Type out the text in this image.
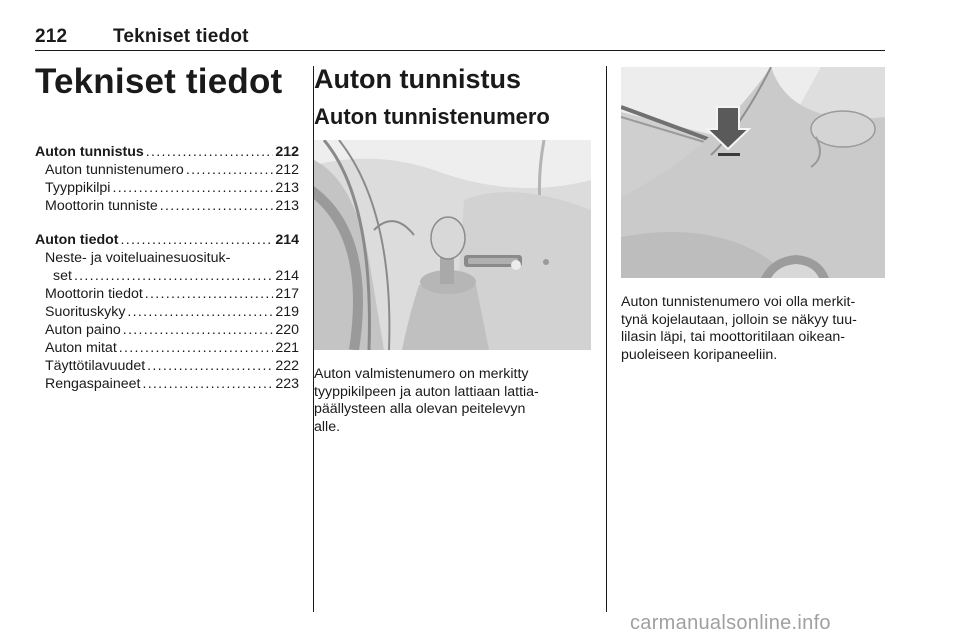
212 Tekniset tiedot
Tekniset tiedot
Auton tunnistus .....	212
Auton tunnistenumero .....	212
Tyyppikilpi .....	213
Moottorin tunniste .....	213
Auton tiedot .....	214
Neste- ja voiteluainesuosituk-
set .....	214
Moottorin tiedot .....	217
Suorituskyky .....	219
Auton paino .....	220
Auton mitat .....	221
Täyttötilavuudet .....	222
Rengaspaineet .....	223
Auton tunnistus
Auton tunnistenumero
Auton valmistenumero on merkitty
tyyppikilpeen ja auton lattiaan lattia-
päällysteen alla olevan peitelevyn
alle.
Auton tunnistenumero voi olla merkit-
tynä kojelautaan, jolloin se näkyy tuu-
lilasin läpi, tai moottoritilaan oikean-
puoleiseen koripaneeliin.
carmanualsonline.info
